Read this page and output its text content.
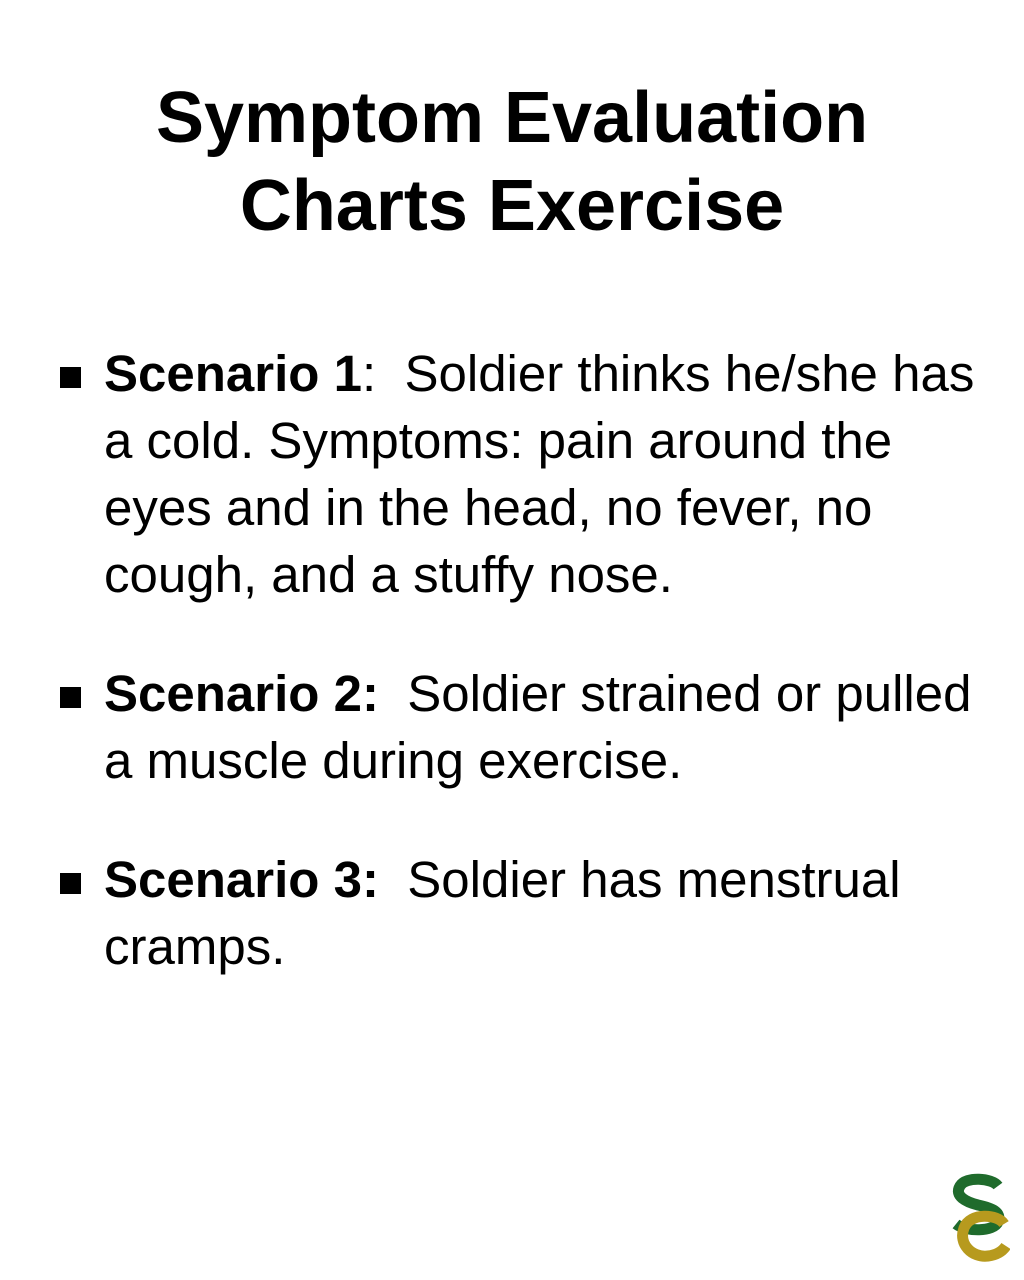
Symptom Evaluation
Charts Exercise
Scenario 1:  Soldier thinks he/she has a cold. Symptoms: pain around the eyes and in the head, no fever, no cough, and a stuffy nose.
Scenario 2:  Soldier strained or pulled a muscle during exercise.
Scenario 3:  Soldier has menstrual cramps.
